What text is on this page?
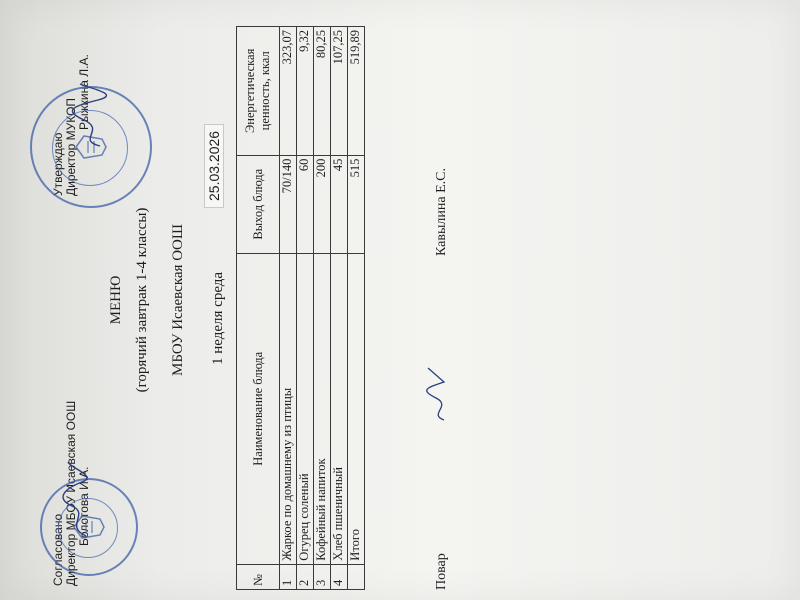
Согласовано Директор МБОУ Исаевская ООШ Болотова И.А.
Утверждаю Директор МУКОП
Рыжкина Л.А.
МЕНЮ (горячий завтрак 1-4 классы) МБОУ Исаевская ООШ 1 неделя среда
25.03.2026
№	Наименование блюда	Выход блюда	Энергетическая ценность, ккал
1	Жаркое по домашнему из птицы	70/140	323,07
2	Огурец соленый	60	9,32
3	Кофейный напиток	200	80,25
4	Хлеб пшеничный	45	107,25
	Итого	515	519,89
Повар
Кавылина Е.С.
